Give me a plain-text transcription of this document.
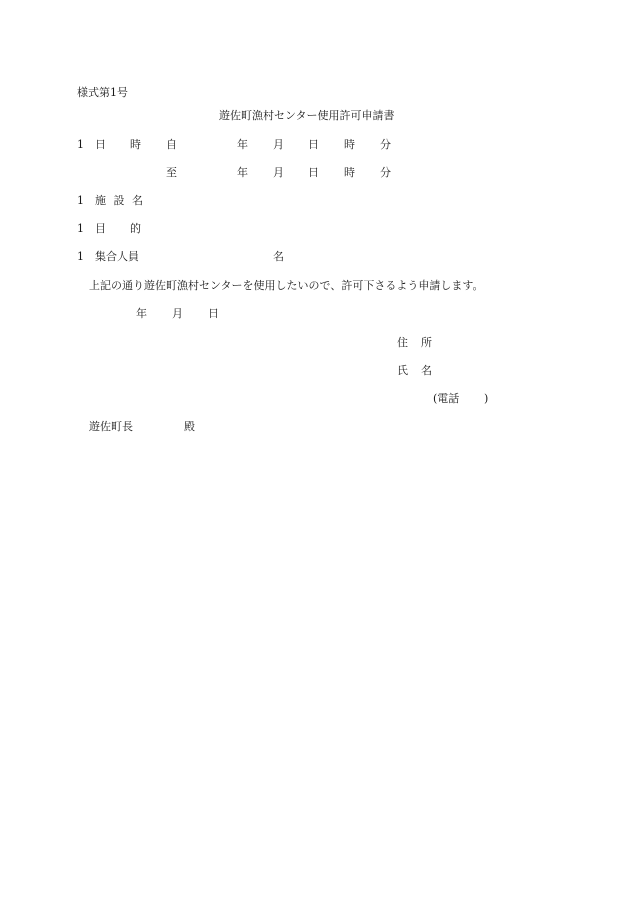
様式第1号
遊佐町漁村センター使用許可申請書
1 日 時 自	年 月 日 時 分
至	年 月 日 時 分
1 施 設 名
1 目 的
1 集合人員	名
上記の通り遊佐町漁村センターを使用したいので、許可下さるよう申請します。
年 月 日
住 所
氏 名
(電話 )
遊佐町長	殿
